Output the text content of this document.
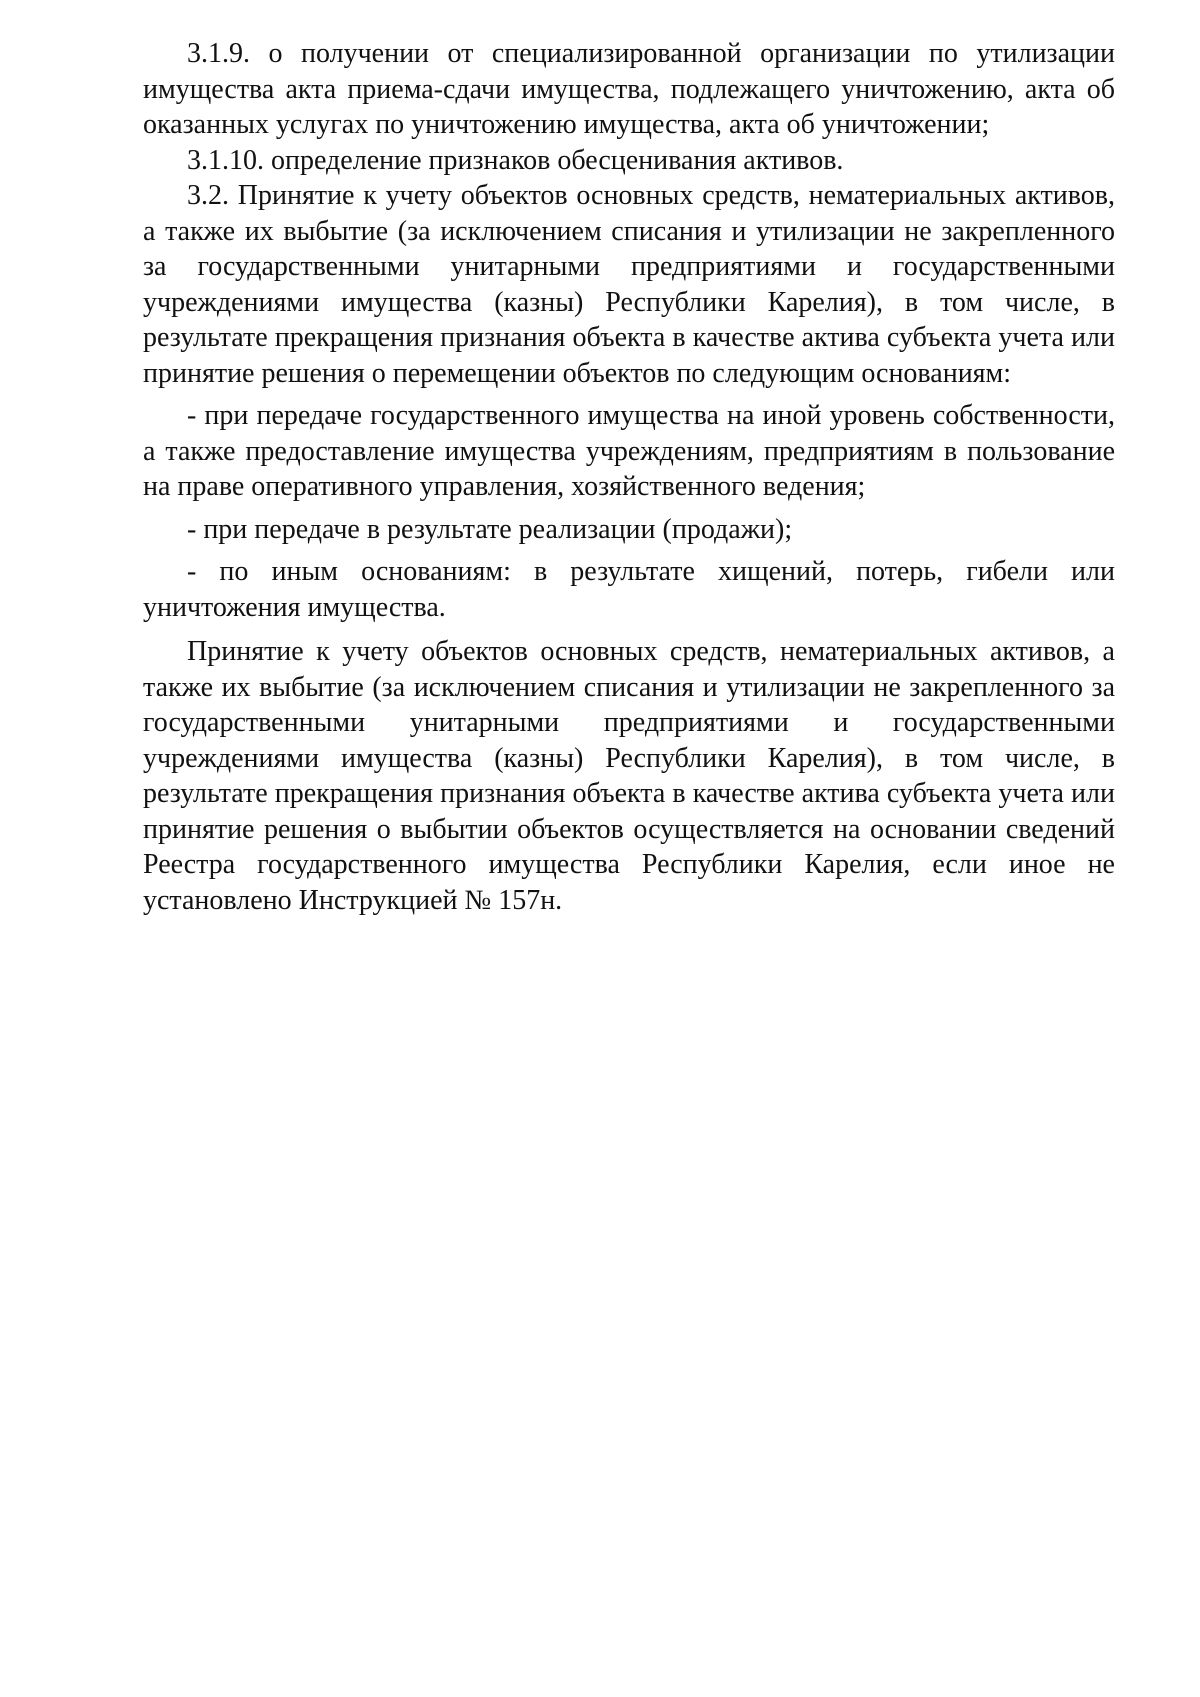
3.1.9. о получении от специализированной организации по утилизации имущества акта приема-сдачи имущества, подлежащего уничтожению, акта об оказанных услугах по уничтожению имущества, акта об уничтожении;

3.1.10. определение признаков обесценивания активов.

3.2. Принятие к учету объектов основных средств, нематериальных активов, а также их выбытие (за исключением списания и утилизации не закрепленного за государственными унитарными предприятиями и государственными учреждениями имущества (казны) Республики Карелия), в том числе, в результате прекращения признания объекта в качестве актива субъекта учета или принятие решения о перемещении объектов по следующим основаниям:

- при передаче государственного имущества на иной уровень собственности, а также предоставление имущества учреждениям, предприятиям в пользование на праве оперативного управления, хозяйственного ведения;

- при передаче в результате реализации (продажи);

- по иным основаниям: в результате хищений, потерь, гибели или уничтожения имущества.

Принятие к учету объектов основных средств, нематериальных активов, а также их выбытие (за исключением списания и утилизации не закрепленного за государственными унитарными предприятиями и государственными учреждениями имущества (казны) Республики Карелия), в том числе, в результате прекращения признания объекта в качестве актива субъекта учета или принятие решения о выбытии объектов осуществляется на основании сведений Реестра государственного имущества Республики Карелия, если иное не установлено Инструкцией № 157н.
